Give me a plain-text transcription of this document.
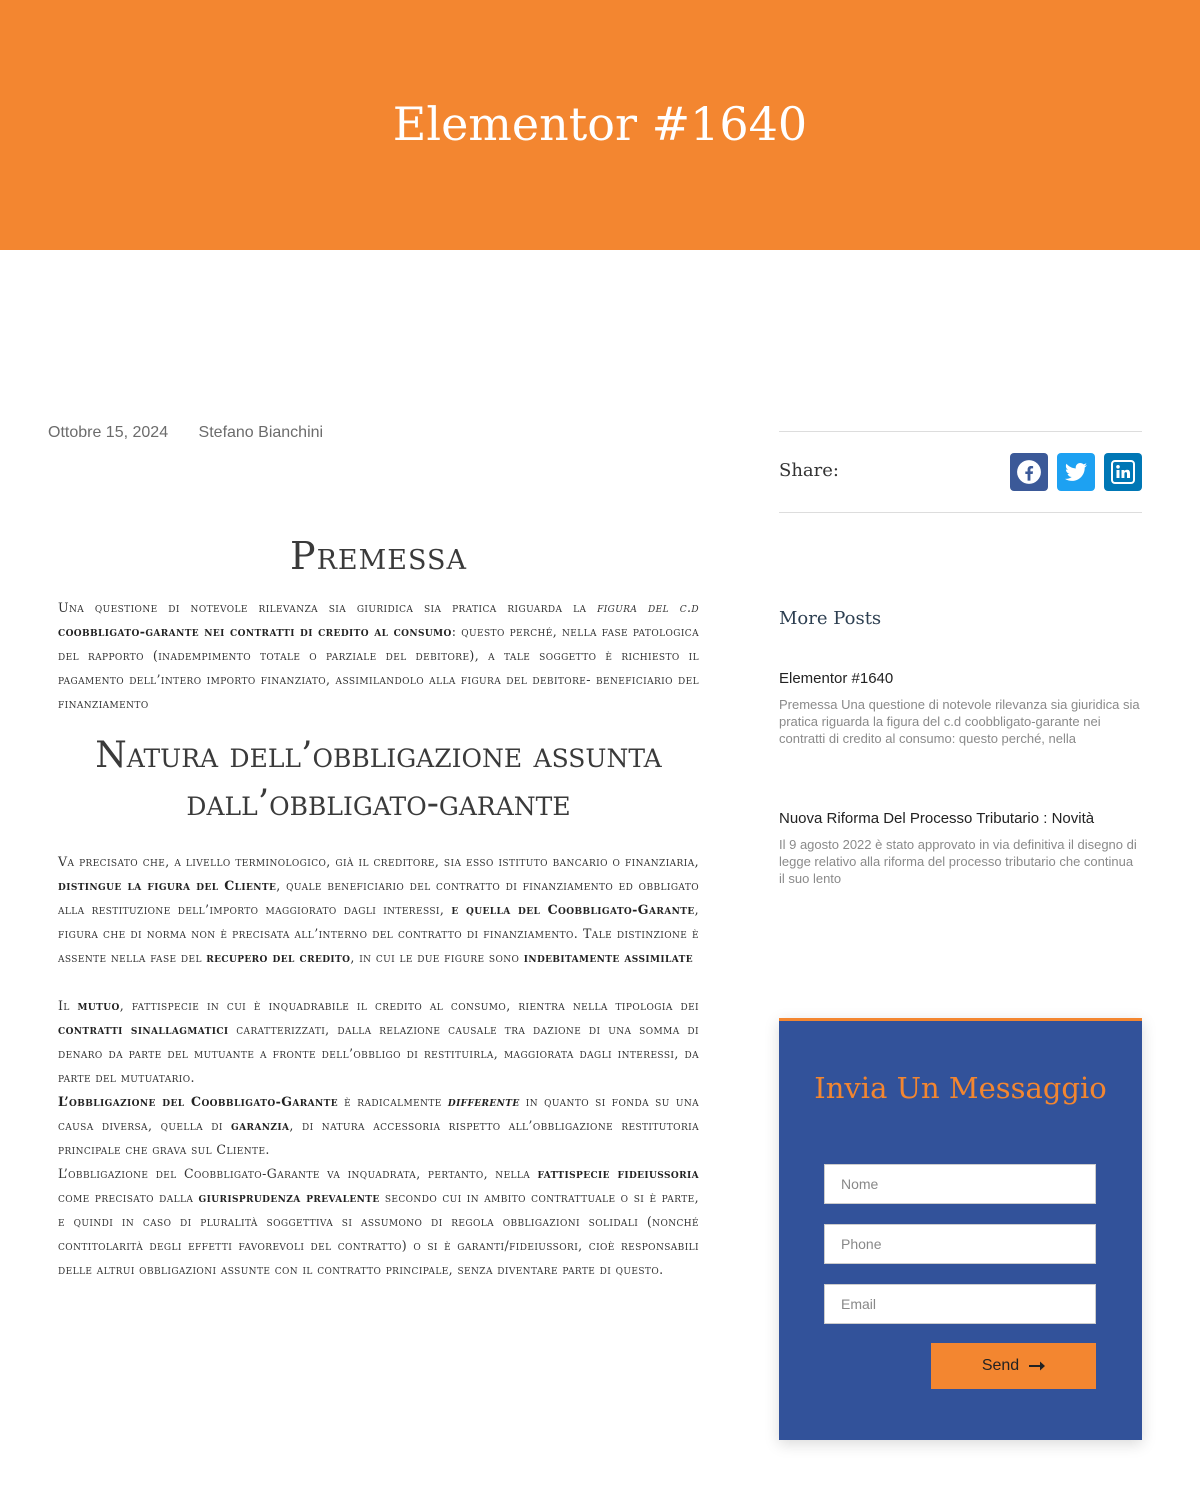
Elementor #1640
Ottobre 15, 2024 Stefano Bianchini
Premessa

Una questione di notevole rilevanza sia giuridica sia pratica riguarda la figura del c.d coobbligato-garante nei contratti di credito al consumo: questo perché, nella fase patologica del rapporto (inadempimento totale o parziale del debitore), a tale soggetto è richiesto il pagamento dell’intero importo finanziato, assimilandolo alla figura del debitore- beneficiario del finanziamento

Natura dell’obbligazione assunta dall’obbligato-garante

Va precisato che, a livello terminologico, già il creditore, sia esso istituto bancario o finanziaria, distingue la figura del Cliente, quale beneficiario del contratto di finanziamento ed obbligato alla restituzione dell’importo maggiorato dagli interessi, e quella del Coobbligato-Garante, figura che di norma non è precisata all’interno del contratto di finanziamento. Tale distinzione è assente nella fase del recupero del credito, in cui le due figure sono indebitamente assimilate

Il mutuo, fattispecie in cui è inquadrabile il credito al consumo, rientra nella tipologia dei contratti sinallagmatici caratterizzati, dalla relazione causale tra dazione di una somma di denaro da parte del mutuante a fronte dell’obbligo di restituirla, maggiorata dagli interessi, da parte del mutuatario.

L’obbligazione del Coobbligato-Garante è radicalmente differente in quanto si fonda su una causa diversa, quella di garanzia, di natura accessoria rispetto all’obbligazione restitutoria principale che grava sul Cliente.

L’obbligazione del Coobbligato-Garante va inquadrata, pertanto, nella fattispecie fideiussoria come precisato dalla giurisprudenza prevalente secondo cui in ambito contrattuale o si è parte, e quindi in caso di pluralità soggettiva si assumono di regola obbligazioni solidali (nonché contitolarità degli effetti favorevoli del contratto) o si è garanti/fideiussori, cioè responsabili delle altrui obbligazioni assunte con il contratto principale, senza diventare parte di questo.

Share:
More Posts
Elementor #1640
Premessa Una questione di notevole rilevanza sia giuridica sia pratica riguarda la figura del c.d coobbligato-garante nei contratti di credito al consumo: questo perché, nella
Nuova Riforma Del Processo Tributario : Novità
Il 9 agosto 2022 è stato approvato in via definitiva il disegno di legge relativo alla riforma del processo tributario che continua il suo lento
Invia Un Messaggio
Nome
Phone
Email
Send
